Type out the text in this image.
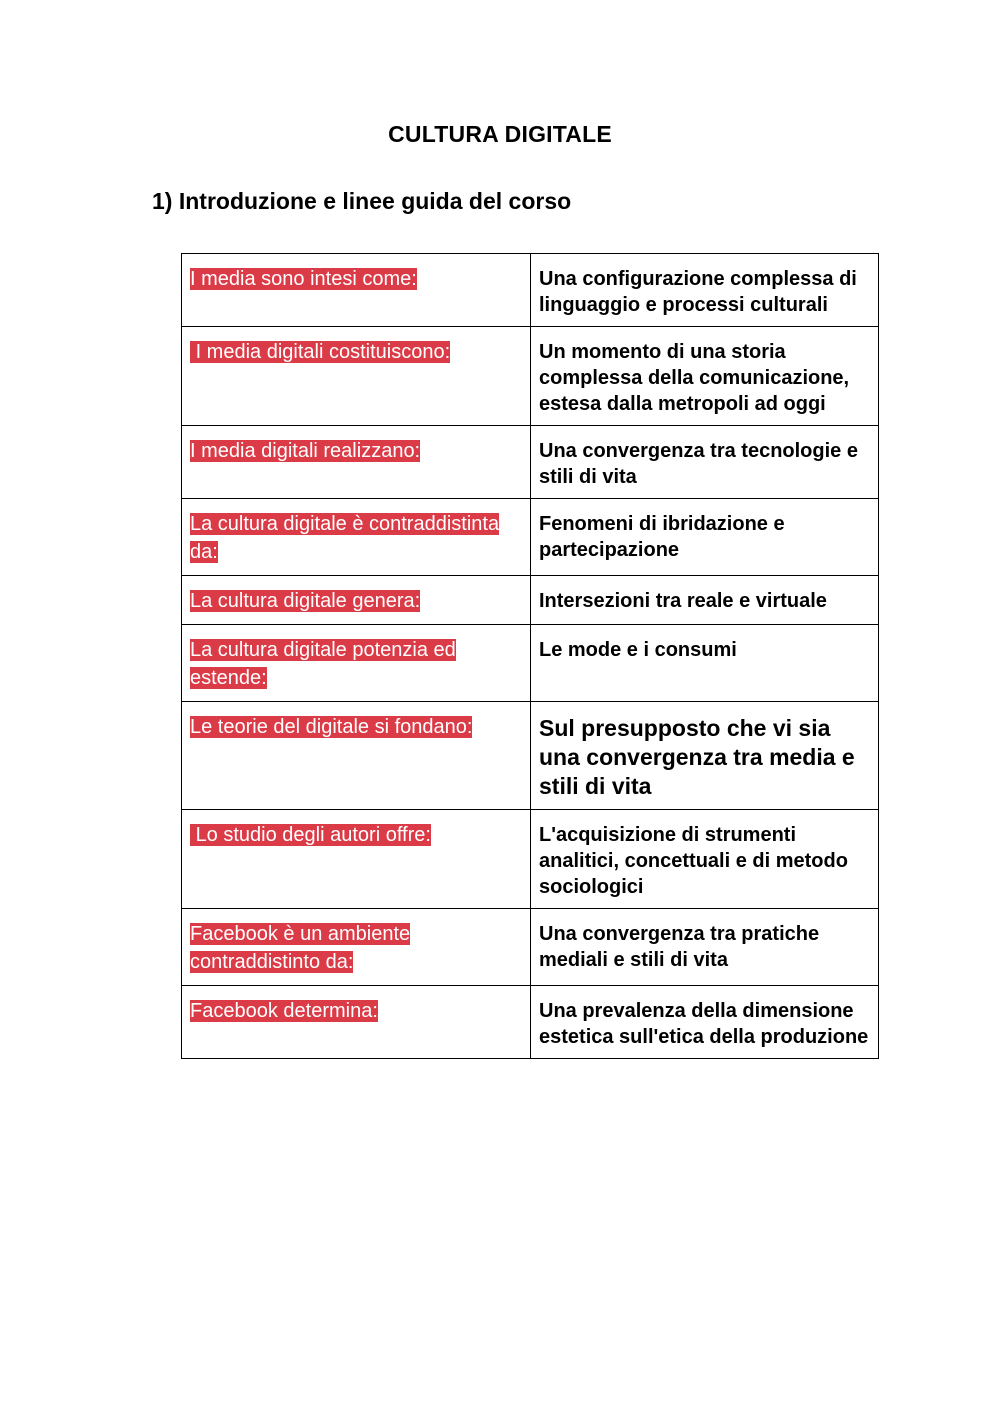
CULTURA DIGITALE
1) Introduzione e linee guida del corso
I media sono intesi come:	Una configurazione complessa di linguaggio e processi culturali

I media digitali costituiscono:	Un momento di una storia complessa della comunicazione, estesa dalla metropoli ad oggi

I media digitali realizzano:	Una convergenza tra tecnologie e stili di vita

La cultura digitale è contraddistinta da:	Fenomeni di ibridazione e partecipazione

La cultura digitale genera:	Intersezioni tra reale e virtuale

La cultura digitale potenzia ed estende:	Le mode e i consumi

Le teorie del digitale si fondano:	Sul presupposto che vi sia una convergenza tra media e stili di vita

Lo studio degli autori offre:	L'acquisizione di strumenti analitici, concettuali e di metodo sociologici

Facebook è un ambiente contraddistinto da:	Una convergenza tra pratiche mediali e stili di vita

Facebook determina:	Una prevalenza della dimensione estetica sull'etica della produzione
